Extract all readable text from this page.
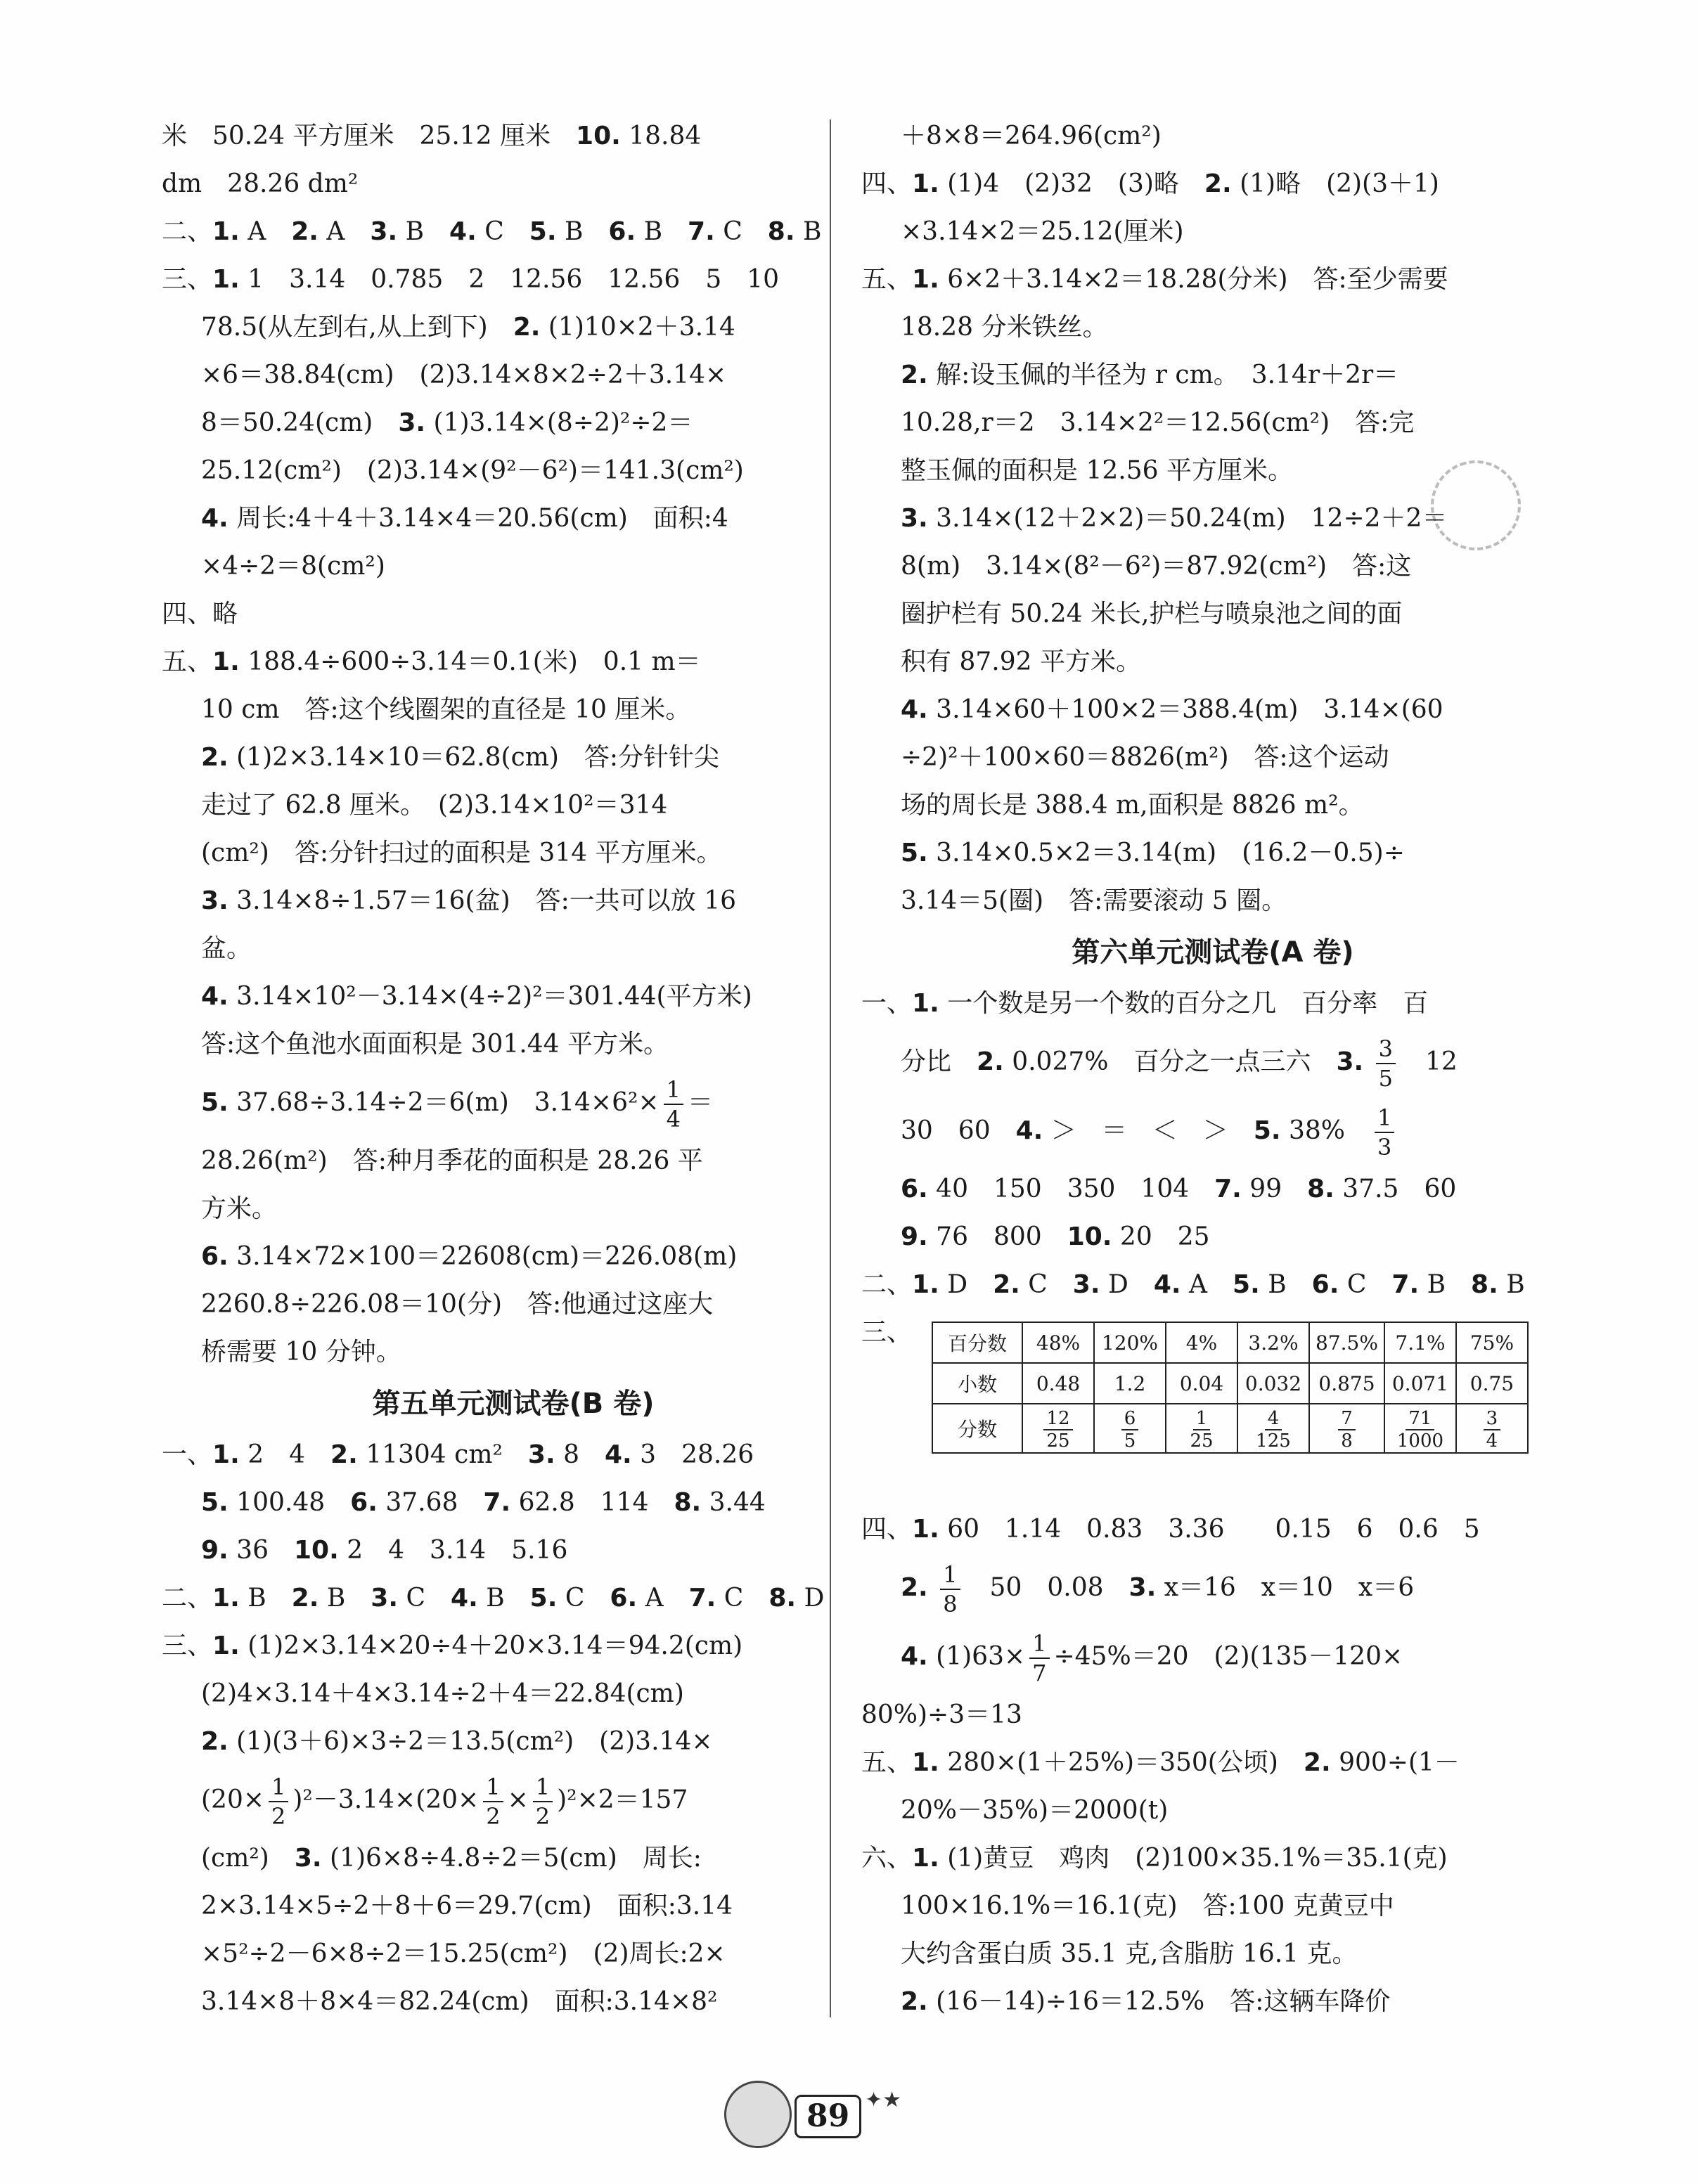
米　50.24 平方厘米　25.12 厘米　10. 18.84
dm　28.26 dm²
二、1. A　2. A　3. B　4. C　5. B　6. B　7. C　8. B
三、1. 1　3.14　0.785　2　12.56　12.56　5　10
78.5(从左到右,从上到下)　2. (1)10×2＋3.14
×6＝38.84(cm)　(2)3.14×8×2÷2＋3.14×
8＝50.24(cm)　3. (1)3.14×(8÷2)²÷2＝
25.12(cm²)　(2)3.14×(9²－6²)＝141.3(cm²)
4. 周长:4＋4＋3.14×4＝20.56(cm)　面积:4
×4÷2＝8(cm²)
四、略
五、1. 188.4÷600÷3.14＝0.1(米)　0.1 m＝
10 cm　答:这个线圈架的直径是 10 厘米。
2. (1)2×3.14×10＝62.8(cm)　答:分针针尖
走过了 62.8 厘米。　(2)3.14×10²＝314
(cm²)　答:分针扫过的面积是 314 平方厘米。
3. 3.14×8÷1.57＝16(盆)　答:一共可以放 16
盆。
4. 3.14×10²－3.14×(4÷2)²＝301.44(平方米)
答:这个鱼池水面面积是 301.44 平方米。
5. 37.68÷3.14÷2＝6(m)　$3.14\times 6^2\times \frac{1}{4}$ ＝
28.26(m²)　答:种月季花的面积是 28.26 平
方米。
6. 3.14×72×100＝22608(cm)＝226.08(m)
2260.8÷226.08＝10(分)　答:他通过这座大
桥需要 10 分钟。
第五单元测试卷(B 卷)
一、1. 2　4　2. 11304 cm²　3. 8　4. 3　28.26
5. 100.48　6. 37.68　7. 62.8　114　8. 3.44
9. 36　10. 2　4　3.14　5.16
二、1. B　2. B　3. C　4. B　5. C　6. A　7. C　8. D
三、1. (1)2×3.14×20÷4＋20×3.14＝94.2(cm)
(2)4×3.14＋4×3.14÷2＋4＝22.84(cm)
2. (1)(3＋6)×3÷2＝13.5(cm²)　(2)3.14×
$(20\times \frac{1}{2} )^2-3.14\times(20\times \frac{1}{2} \times \frac{1}{2} )^2\times 2=157$
(cm²)　3. (1)6×8÷4.8÷2＝5(cm)　周长:
2×3.14×5÷2＋8＋6＝29.7(cm)　面积:3.14
×5²÷2－6×8÷2＝15.25(cm²)　(2)周长:2×
3.14×8＋8×4＝82.24(cm)　面积:3.14×8²
＋8×8＝264.96(cm²)
四、1. (1)4　(2)32　(3)略　2. (1)略　(2)(3＋1)
×3.14×2＝25.12(厘米)
五、1. 6×2＋3.14×2＝18.28(分米)　答:至少需要
18.28 分米铁丝。
2. 解:设玉佩的半径为 r cm。　3.14r＋2r＝
10.28,r＝2　3.14×2²＝12.56(cm²)　答:完
整玉佩的面积是 12.56 平方厘米。
3. 3.14×(12＋2×2)＝50.24(m)　12÷2＋2＝
8(m)　3.14×(8²－6²)＝87.92(cm²)　答:这
圈护栏有 50.24 米长,护栏与喷泉池之间的面
积有 87.92 平方米。
4. 3.14×60＋100×2＝388.4(m)　3.14×(60
÷2)²＋100×60＝8826(m²)　答:这个运动
场的周长是 388.4 m,面积是 8826 m²。
5. 3.14×0.5×2＝3.14(m)　(16.2－0.5)÷
3.14＝5(圈)　答:需要滚动 5 圈。
第六单元测试卷(A 卷)
一、1. 一个数是另一个数的百分之几　百分率　百
分比　2. 0.027%　百分之一点三六　3. $\frac{3}{5}$ 　12
30　60　4. ＞　＝　＜　＞　5. 38%　 $\frac{1}{3}$
6. 40　150　350　104　7. 99　8. 37.5　60
9. 76　800　10. 20　25
二、1. D　2. C　3. D　4. A　5. B　6. C　7. B　8. B
三、 百分数	48%	120%	4%	3.2%	87.5%	7.1%	75%
小数	0.48	1.2	0.04	0.032	0.875	0.071	0.75
分数	$\frac{12}{25}$	$\frac{6}{5}$	$\frac{1}{25}$	$\frac{4}{125}$	$\frac{7}{8}$	$\frac{71}{1000}$	$\frac{3}{4}$
四、1. 60　1.14　0.83　3.36　　0.15　6　0.6　5
2. $\frac{1}{8}$ 　50　0.08　3. x＝16　x＝10　x＝6
4. $(1)63\times \frac{1}{7} \div 45\%=20$　(2)(135－120×
80%)÷3＝13
五、1. 280×(1＋25%)＝350(公顷)　2. 900÷(1－
20%－35%)＝2000(t)
六、1. (1)黄豆　鸡肉　(2)100×35.1%＝35.1(克)
100×16.1%＝16.1(克)　答:100 克黄豆中
大约含蛋白质 35.1 克,含脂肪 16.1 克。
2. (16－14)÷16＝12.5%　答:这辆车降价
89 ✦★
